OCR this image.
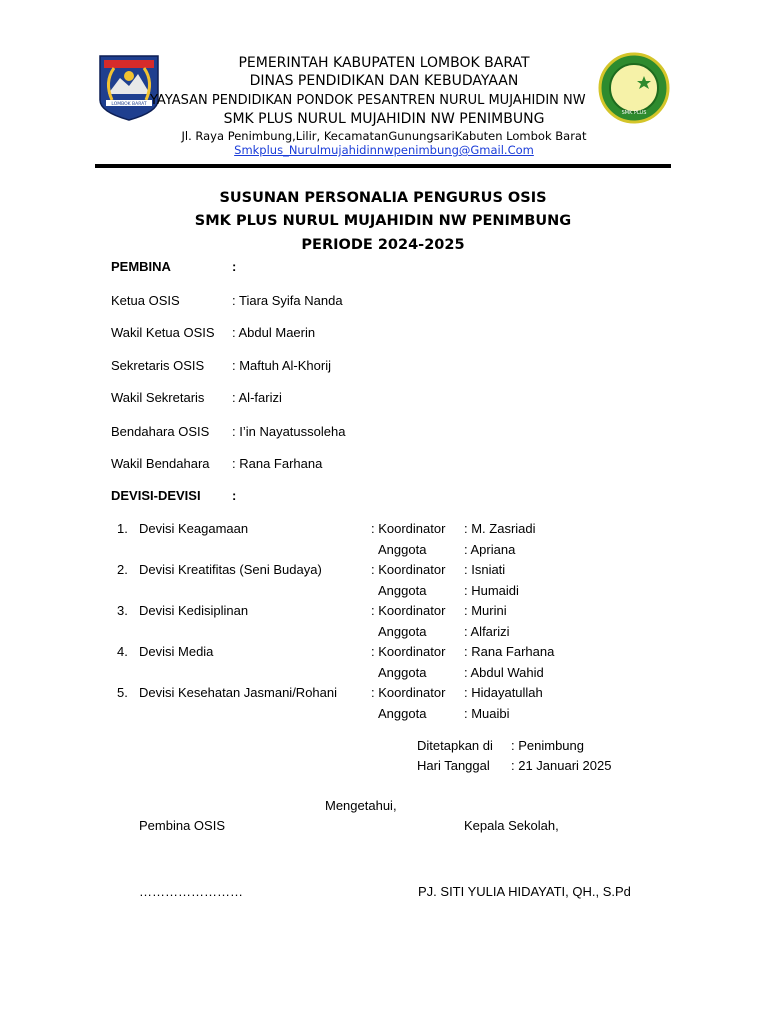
LOMBOK BARAT
SMK PLUS
PEMERINTAH KABUPATEN LOMBOK BARAT
DINAS PENDIDIKAN DAN KEBUDAYAAN
YAYASAN PENDIDIKAN PONDOK PESANTREN NURUL MUJAHIDIN NW
SMK PLUS NURUL MUJAHIDIN NW PENIMBUNG
Jl. Raya Penimbung,Lilir, KecamatanGunungsariKabuten Lombok Barat
Smkplus_Nurulmujahidinnwpenimbung@Gmail.Com
SUSUNAN PERSONALIA PENGURUS OSIS
SMK PLUS NURUL MUJAHIDIN NW PENIMBUNG
PERIODE 2024-2025
PEMBINA	:
Ketua OSIS	: Tiara Syifa Nanda
Wakil Ketua OSIS : Abdul Maerin
Sekretaris OSIS : Maftuh Al-Khorij
Wakil Sekretaris : Al-farizi
Bendahara OSIS : I’in Nayatussoleha
Wakil Bendahara : Rana Farhana
DEVISI-DEVISI :
1. Devisi Keagamaan	: Koordinator : M. Zasriadi
Anggota	: Apriana
2. Devisi Kreatifitas (Seni Budaya)	: Koordinator : Isniati
Anggota	: Humaidi
3. Devisi Kedisiplinan	: Koordinator : Murini
Anggota	: Alfarizi
4. Devisi Media	: Koordinator : Rana Farhana
Anggota	: Abdul Wahid
5. Devisi Kesehatan Jasmani/Rohani	: Koordinator : Hidayatullah
Anggota	: Muaibi
Ditetapkan di : Penimbung
Hari Tanggal : 21 Januari 2025
Mengetahui,
Pembina OSIS	Kepala Sekolah,
……………………	PJ. SITI YULIA HIDAYATI, QH., S.Pd
